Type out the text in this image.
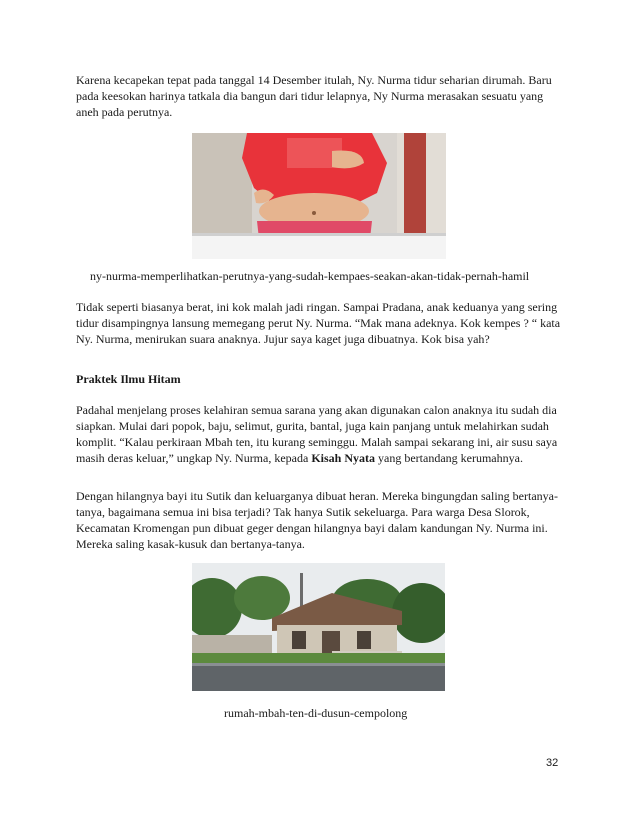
Karena kecapekan tepat pada tanggal 14 Desember itulah, Ny. Nurma tidur seharian dirumah. Baru pada keesokan harinya tatkala dia bangun dari tidur lelapnya, Ny Nurma merasakan sesuatu yang aneh pada perutnya.

ny-nurma-memperlihatkan-perutnya-yang-sudah-kempaes-seakan-akan-tidak-pernah-hamil

Tidak seperti biasanya berat, ini kok malah jadi ringan. Sampai Pradana, anak keduanya yang sering tidur disampingnya lansung memegang perut Ny. Nurma. “Mak mana adeknya. Kok kempes ? “ kata Ny. Nurma, menirukan suara anaknya. Jujur saya kaget juga dibuatnya. Kok bisa yah?

Praktek Ilmu Hitam

Padahal menjelang proses kelahiran semua sarana yang akan digunakan calon anaknya itu sudah dia siapkan. Mulai dari popok, baju, selimut, gurita, bantal, juga kain panjang untuk melahirkan sudah komplit. “Kalau perkiraan Mbah ten, itu kurang seminggu. Malah sampai sekarang ini, air susu saya masih deras keluar,” ungkap Ny. Nurma, kepada Kisah Nyata yang bertandang kerumahnya.

Dengan hilangnya bayi itu Sutik dan keluarganya dibuat heran. Mereka bingungdan saling bertanya-tanya, bagaimana semua ini bisa terjadi? Tak hanya Sutik sekeluarga. Para warga Desa Slorok, Kecamatan Kromengan pun dibuat geger dengan hilangnya bayi dalam kandungan Ny. Nurma ini. Mereka saling kasak-kusuk dan bertanya-tanya.

rumah-mbah-ten-di-dusun-cempolong

32
